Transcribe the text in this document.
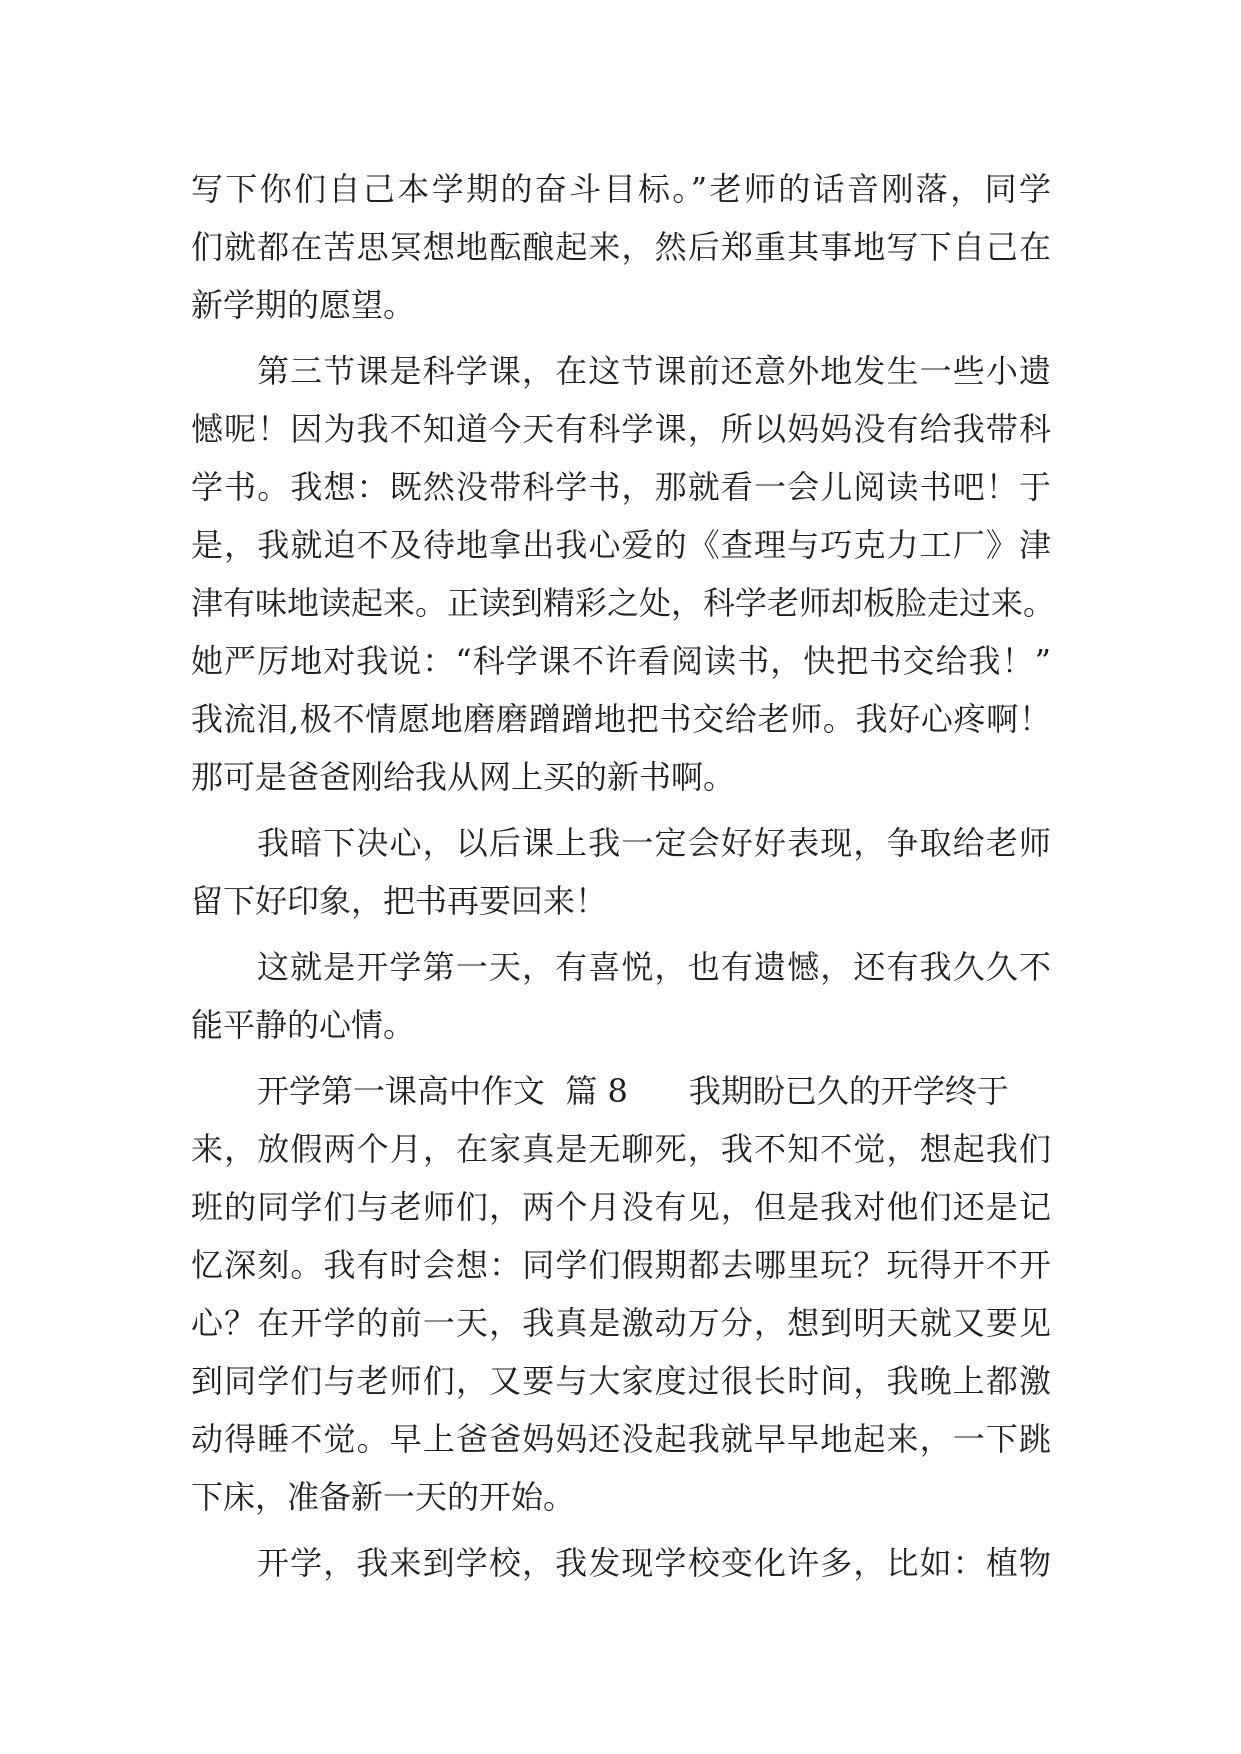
写下你们自己本学期的奋斗目标。”老师的话音刚落，同学
们就都在苦思冥想地酝酿起来，然后郑重其事地写下自己在
新学期的愿望。
第三节课是科学课，在这节课前还意外地发生一些小遗
憾呢！因为我不知道今天有科学课，所以妈妈没有给我带科
学书。我想：既然没带科学书，那就看一会儿阅读书吧！于
是，我就迫不及待地拿出我心爱的《查理与巧克力工厂》津
津有味地读起来。正读到精彩之处，科学老师却板脸走过来。
她严厉地对我说：“科学课不许看阅读书，快把书交给我！”
我流泪,极不情愿地磨磨蹭蹭地把书交给老师。我好心疼啊！
那可是爸爸刚给我从网上买的新书啊。
我暗下决心，以后课上我一定会好好表现，争取给老师
留下好印象，把书再要回来！
这就是开学第一天，有喜悦，也有遗憾，还有我久久不
能平静的心情。
开学第一课高中作文  篇 8      我期盼已久的开学终于
来，放假两个月，在家真是无聊死，我不知不觉，想起我们
班的同学们与老师们，两个月没有见，但是我对他们还是记
忆深刻。我有时会想：同学们假期都去哪里玩？玩得开不开
心？在开学的前一天，我真是激动万分，想到明天就又要见
到同学们与老师们，又要与大家度过很长时间，我晚上都激
动得睡不觉。早上爸爸妈妈还没起我就早早地起来，一下跳
下床，准备新一天的开始。
开学，我来到学校，我发现学校变化许多，比如：植物
